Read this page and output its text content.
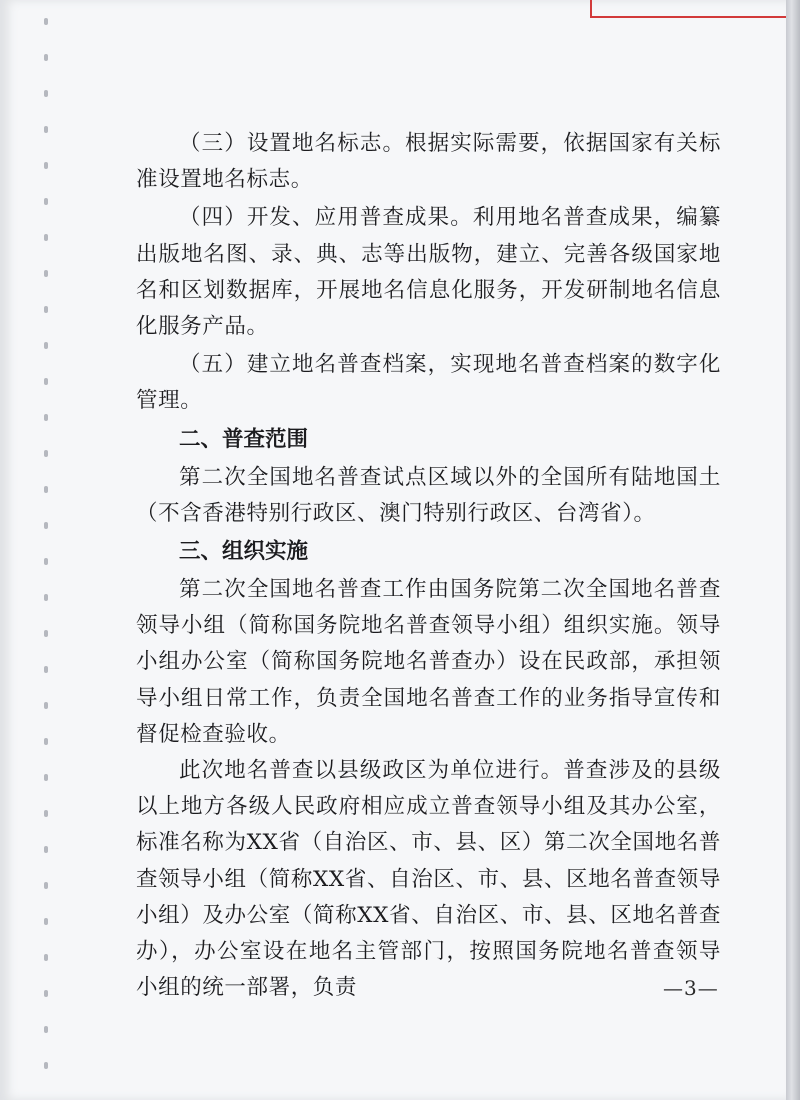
（三）设置地名标志。根据实际需要，依据国家有关标准设置地名标志。

（四）开发、应用普查成果。利用地名普查成果，编纂出版地名图、录、典、志等出版物，建立、完善各级国家地名和区划数据库，开展地名信息化服务，开发研制地名信息化服务产品。

（五）建立地名普查档案，实现地名普查档案的数字化管理。

二、普查范围

第二次全国地名普查试点区域以外的全国所有陆地国土（不含香港特别行政区、澳门特别行政区、台湾省）。

三、组织实施

第二次全国地名普查工作由国务院第二次全国地名普查领导小组（简称国务院地名普查领导小组）组织实施。领导小组办公室（简称国务院地名普查办）设在民政部，承担领导小组日常工作，负责全国地名普查工作的业务指导宣传和督促检查验收。

此次地名普查以县级政区为单位进行。普查涉及的县级以上地方各级人民政府相应成立普查领导小组及其办公室，标准名称为XX省（自治区、市、县、区）第二次全国地名普查领导小组（简称XX省、自治区、市、县、区地名普查领导小组）及办公室（简称XX省、自治区、市、县、区地名普查办），办公室设在地名主管部门，按照国务院地名普查领导小组的统一部署，负责	—3—
